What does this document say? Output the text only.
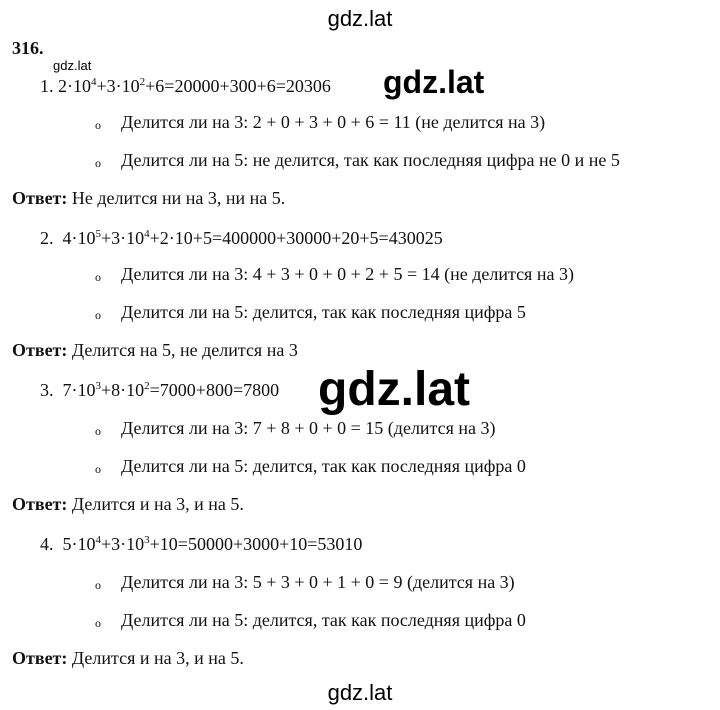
gdz.lat
316.
1. $2\cdot 10^4+3\cdot 10^2+6=20000+300+6=20306$
gdz.lat	gdz.lat
o Делится ли на 3: 2 + 0 + 3 + 0 + 6 = 11 (не делится на 3)
o Делится ли на 5: не делится, так как последняя цифра не 0 и не 5
Ответ: Не делится ни на 3, ни на 5.
2. $4\cdot 10^5+3\cdot 10^4+2\cdot 10+5=400000+30000+20+5=430025$
o Делится ли на 3: 4 + 3 + 0 + 0 + 2 + 5 = 14 (не делится на 3)
o Делится ли на 5: делится, так как последняя цифра 5
Ответ: Делится на 5, не делится на 3
3. $7\cdot 10^3+8\cdot 10^2=7000+800=7800$ gdz.lat
o Делится ли на 3: 7 + 8 + 0 + 0 = 15 (делится на 3)
o Делится ли на 5: делится, так как последняя цифра 0
Ответ: Делится и на 3, и на 5.
4. $5\cdot 10^4+3\cdot 10^3+10=50000+3000+10=53010$
o Делится ли на 3: 5 + 3 + 0 + 1 + 0 = 9 (делится на 3)
o Делится ли на 5: делится, так как последняя цифра 0
Ответ: Делится и на 3, и на 5.
gdz.lat
